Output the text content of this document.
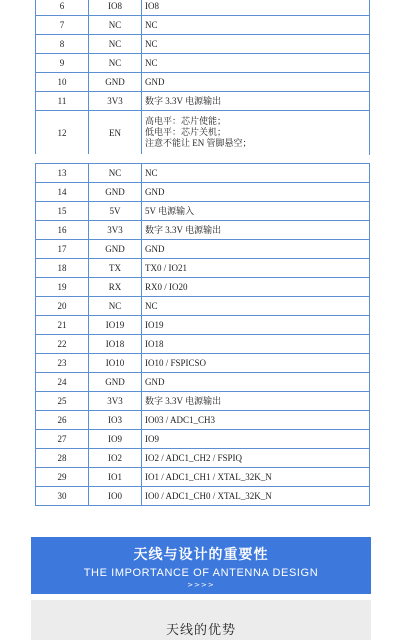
6	IO8	IO8

7	NC	NC

8	NC	NC

9	NC	NC

10	GND	GND

11	3V3	数字 3.3V 电源输出

12	EN	高电平：芯片使能；
低电平：芯片关机；
注意不能让 EN 管脚悬空；
13	NC	NC

14	GND	GND

15	5V	5V 电源输入

16	3V3	数字 3.3V 电源输出

17	GND	GND

18	TX	TX0 / IO21

19	RX	RX0 / IO20

20	NC	NC

21	IO19	IO19

22	IO18	IO18

23	IO10	IO10 / FSPICSO

24	GND	GND

25	3V3	数字 3.3V 电源输出

26	IO3	IO03 / ADC1_CH3

27	IO9	IO9

28	IO2	IO2 / ADC1_CH2 / FSPIQ

29	IO1	IO1 / ADC1_CH1 / XTAL_32K_N

30	IO0	IO0 / ADC1_CH0 / XTAL_32K_N
天线与设计的重要性
THE IMPORTANCE OF ANTENNA DESIGN
>>>>
天线的优势
